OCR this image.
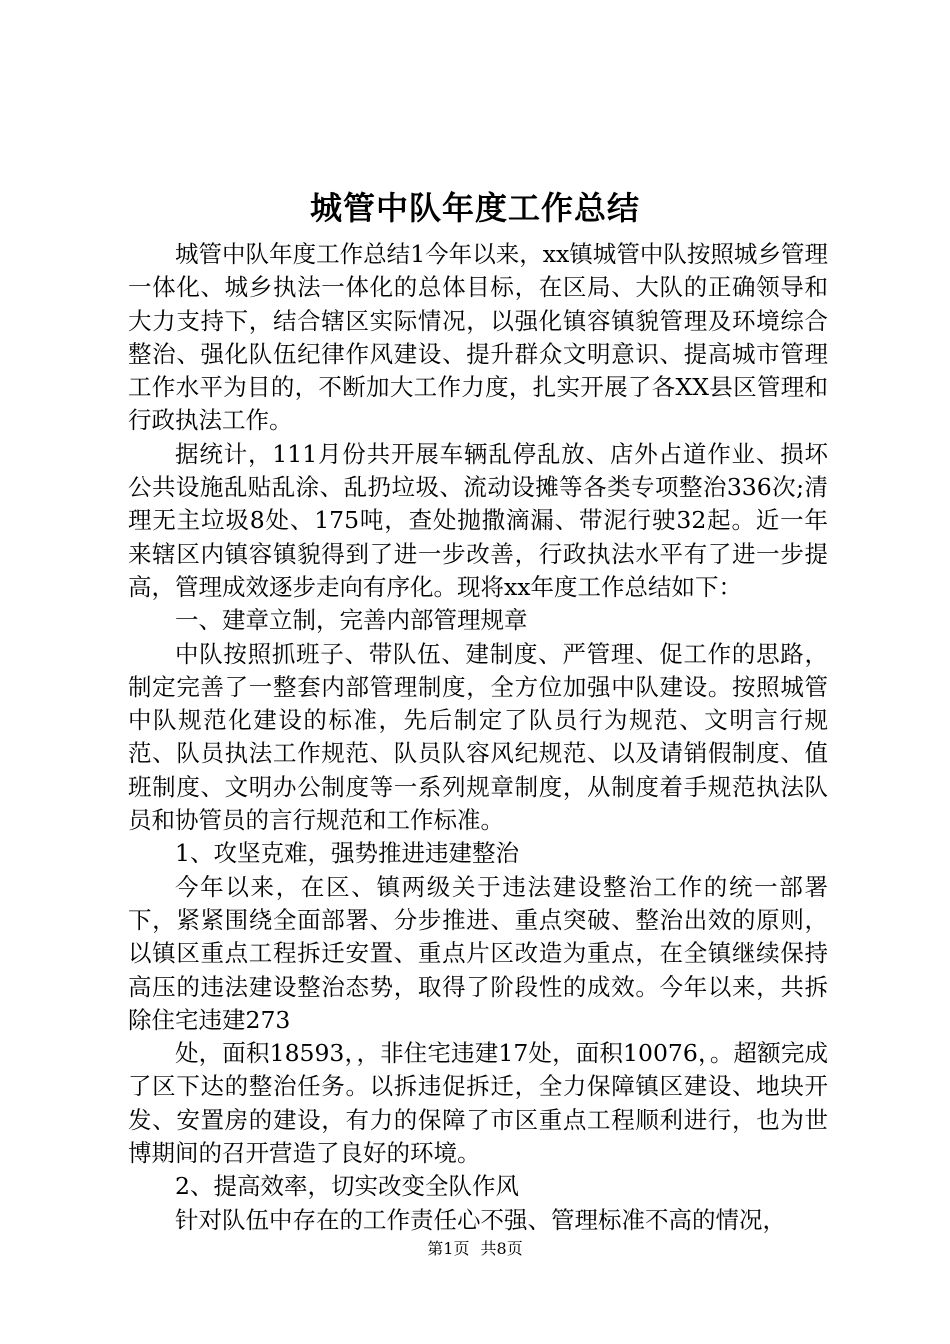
城管中队年度工作总结

城管中队年度工作总结1今年以来，xx镇城管中队按照城乡管理一体化、城乡执法一体化的总体目标，在区局、大队的正确领导和大力支持下，结合辖区实际情况，以强化镇容镇貌管理及环境综合整治、强化队伍纪律作风建设、提升群众文明意识、提高城市管理工作水平为目的，不断加大工作力度，扎实开展了各XX县区管理和行政执法工作。

据统计，111月份共开展车辆乱停乱放、店外占道作业、损坏公共设施乱贴乱涂、乱扔垃圾、流动设摊等各类专项整治336次;清理无主垃圾8处、175吨，查处抛撒滴漏、带泥行驶32起。近一年来辖区内镇容镇貌得到了进一步改善，行政执法水平有了进一步提高，管理成效逐步走向有序化。现将xx年度工作总结如下：

一、建章立制，完善内部管理规章

中队按照抓班子、带队伍、建制度、严管理、促工作的思路，制定完善了一整套内部管理制度，全方位加强中队建设。按照城管中队规范化建设的标准，先后制定了队员行为规范、文明言行规范、队员执法工作规范、队员队容风纪规范、以及请销假制度、值班制度、文明办公制度等一系列规章制度，从制度着手规范执法队员和协管员的言行规范和工作标准。

1、攻坚克难，强势推进违建整治

今年以来，在区、镇两级关于违法建设整治工作的统一部署下，紧紧围绕全面部署、分步推进、重点突破、整治出效的原则，以镇区重点工程拆迁安置、重点片区改造为重点，在全镇继续保持高压的违法建设整治态势，取得了阶段性的成效。今年以来，共拆除住宅违建273

处，面积18593，，非住宅违建17处，面积10076，。超额完成了区下达的整治任务。以拆违促拆迁，全力保障镇区建设、地块开发、安置房的建设，有力的保障了市区重点工程顺利进行，也为世博期间的召开营造了良好的环境。

2、提高效率，切实改变全队作风

针对队伍中存在的工作责任心不强、管理标准不高的情况，

第1页 共8页
